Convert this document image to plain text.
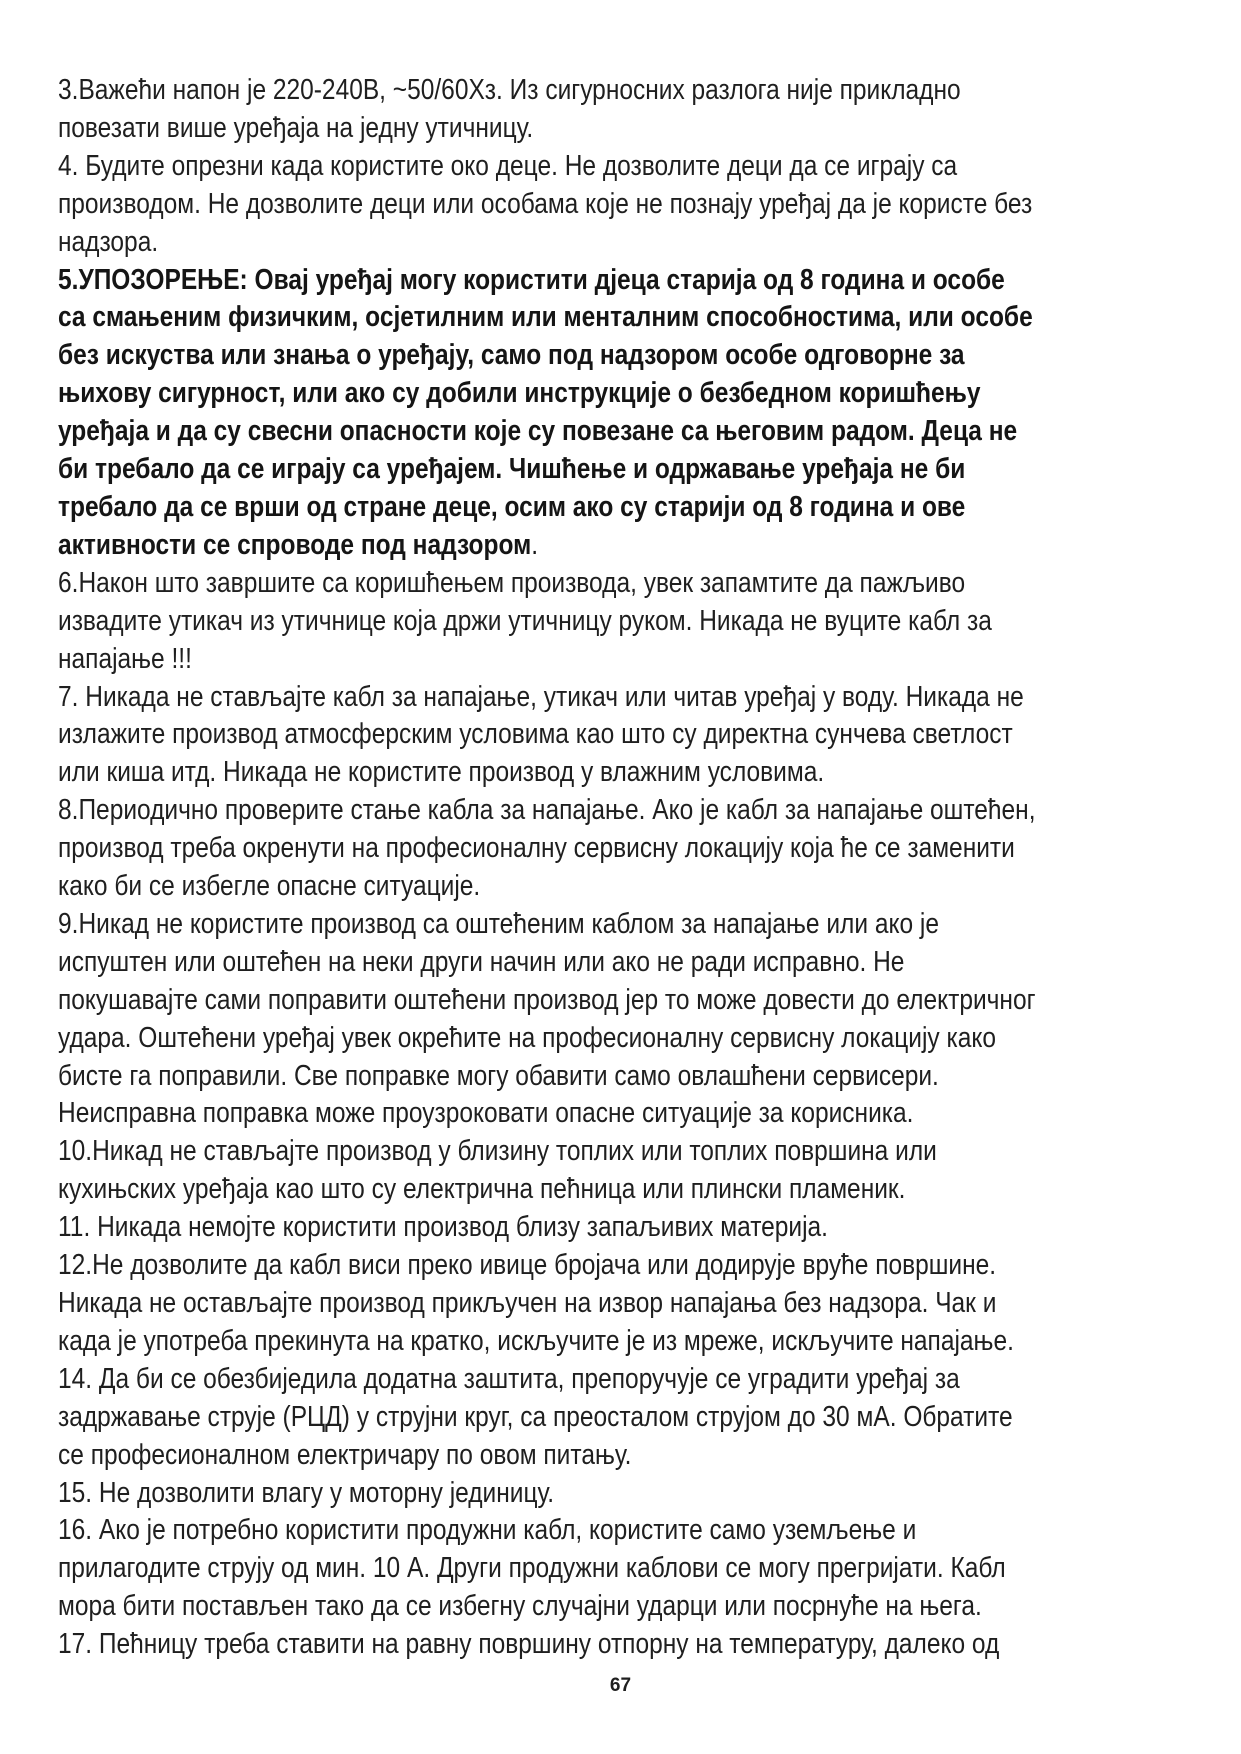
3.Важећи напон је 220-240В, ~50/60Хз. Из сигурносних разлога није прикладно повезати више уређаја на једну утичницу.

4. Будите опрезни када користите око деце. Не дозволите деци да се играју са производом. Не дозволите деци или особама које не познају уређај да је користе без надзора.

5.УПОЗОРЕЊЕ: Овај уређај могу користити дјеца старија од 8 година и особе са смањеним физичким, осјетилним или менталним способностима, или особе без искуства или знања о уређају, само под надзором особе одговорне за њихову сигурност, или ако су добили инструкције о безбедном коришћењу уређаја и да су свесни опасности које су повезане са његовим радом. Деца не би требало да се играју са уређајем. Чишћење и одржавање уређаја не би требало да се врши од стране деце, осим ако су старији од 8 година и ове активности се спроводе под надзором.

6.Након што завршите са коришћењем производа, увек запамтите да пажљиво извадите утикач из утичнице која држи утичницу руком. Никада не вуците кабл за напајање !!!

7. Никада не стављајте кабл за напајање, утикач или читав уређај у воду. Никада не излажите производ атмосферским условима као што су директна сунчева светлост или киша итд. Никада не користите производ у влажним условима.

8.Периодично проверите стање кабла за напајање. Ако је кабл за напајање оштећен, производ треба окренути на професионалну сервисну локацију која ће се заменити како би се избегле опасне ситуације.

9.Никад не користите производ са оштећеним каблом за напајање или ако је испуштен или оштећен на неки други начин или ако не ради исправно. Не покушавајте сами поправити оштећени производ јер то може довести до електричног удара. Оштећени уређај увек окрећите на професионалну сервисну локацију како бисте га поправили. Све поправке могу обавити само овлашћени сервисери. Неисправна поправка може проузроковати опасне ситуације за корисника.

10.Никад не стављајте производ у близину топлих или топлих површина или кухињских уређаја као што су електрична пећница или плински пламеник.

11. Никада немојте користити производ близу запаљивих материја.

12.Не дозволите да кабл виси преко ивице бројача или додирује вруће површине. Никада не остављајте производ прикључен на извор напајања без надзора. Чак и када је употреба прекинута на кратко, искључите је из мреже, искључите напајање.

14. Да би се обезбиједила додатна заштита, препоручује се уградити уређај за задржавање струје (РЦД) у струјни круг, са преосталом струјом до 30 мА. Обратите се професионалном електричару по овом питању.

15. Не дозволити влагу у моторну јединицу.

16. Ако је потребно користити продужни кабл, користите само уземљење и прилагодите струју од мин. 10 А. Други продужни каблови се могу прегријати. Кабл мора бити постављен тако да се избегну случајни ударци или посрнуће на њега.

17. Пећницу треба ставити на равну површину отпорну на температуру, далеко од

67
